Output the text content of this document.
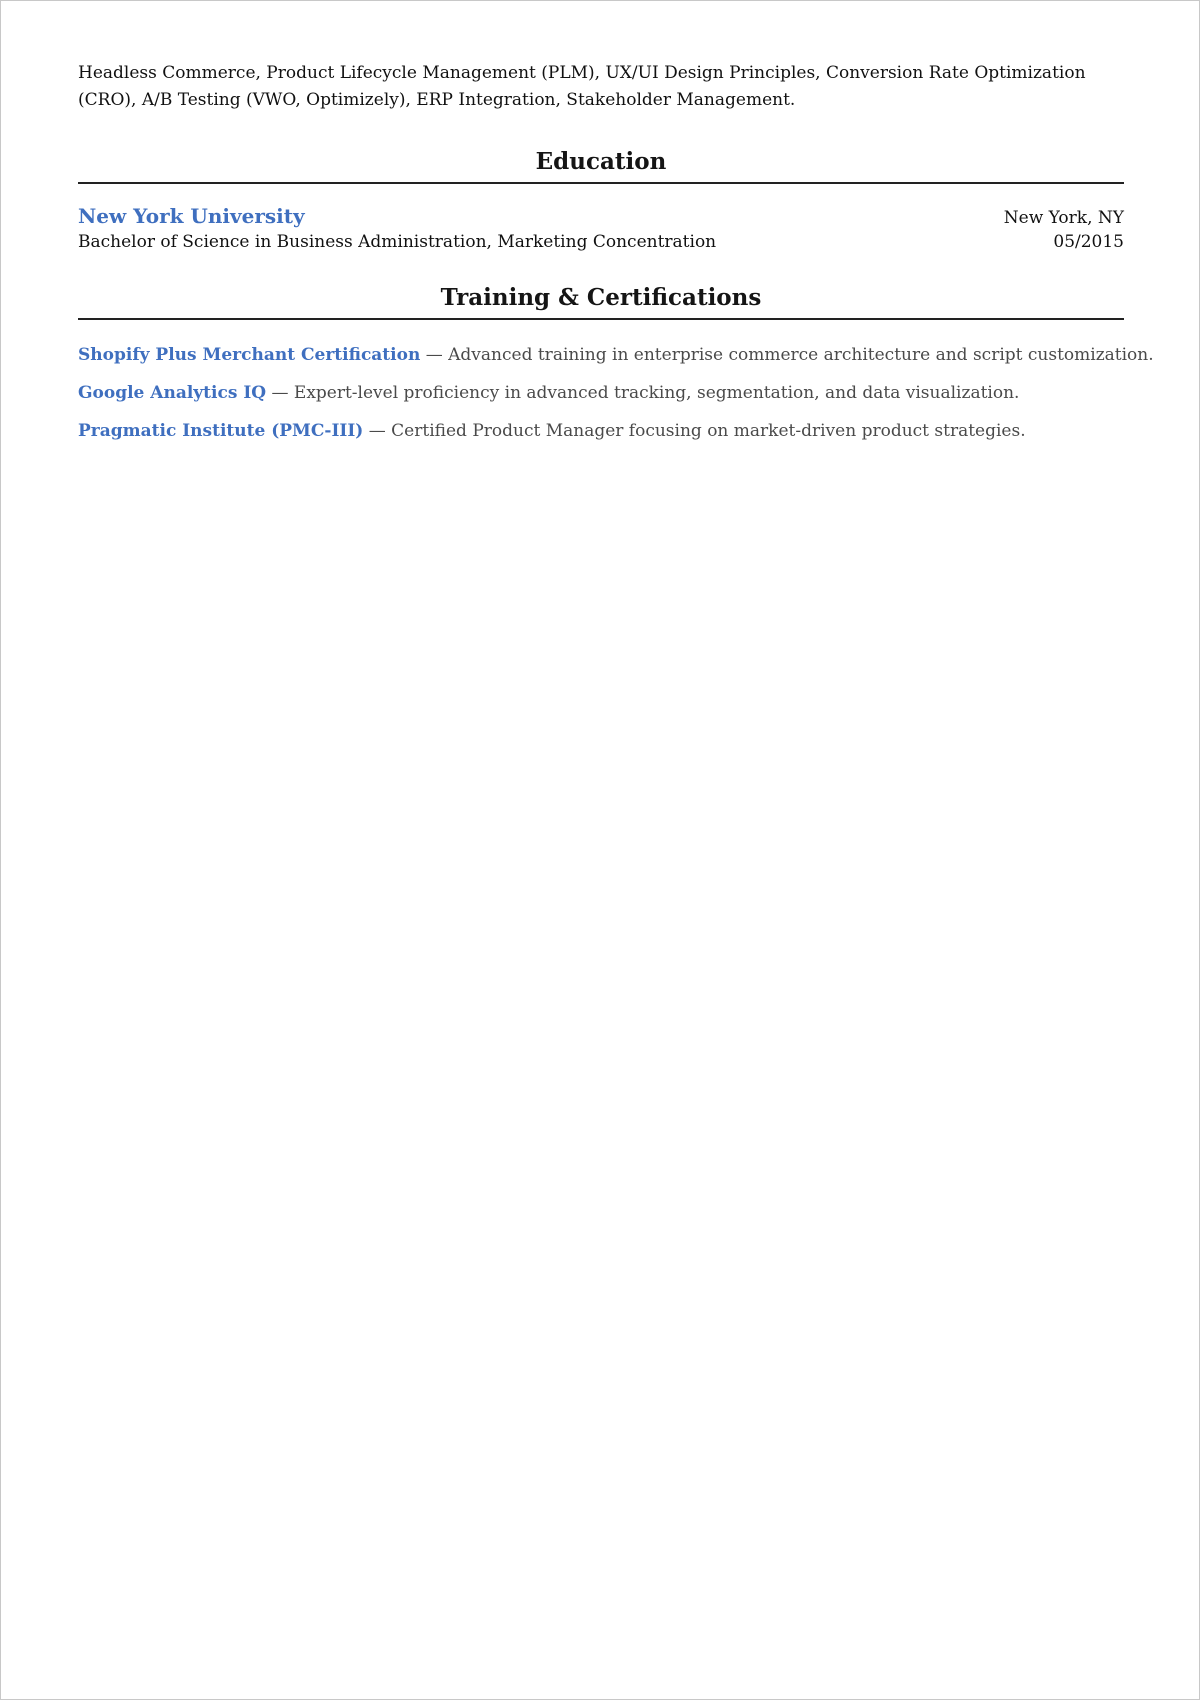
Headless Commerce, Product Lifecycle Management (PLM), UX/UI Design Principles, Conversion Rate Optimization (CRO), A/B Testing (VWO, Optimizely), ERP Integration, Stakeholder Management.

Education
New York University	New York, NY
Bachelor of Science in Business Administration, Marketing Concentration	05/2015
Training & Certifications

Shopify Plus Merchant Certification — Advanced training in enterprise commerce architecture and script customization.

Google Analytics IQ — Expert-level proficiency in advanced tracking, segmentation, and data visualization.

Pragmatic Institute (PMC-III) — Certified Product Manager focusing on market-driven product strategies.
